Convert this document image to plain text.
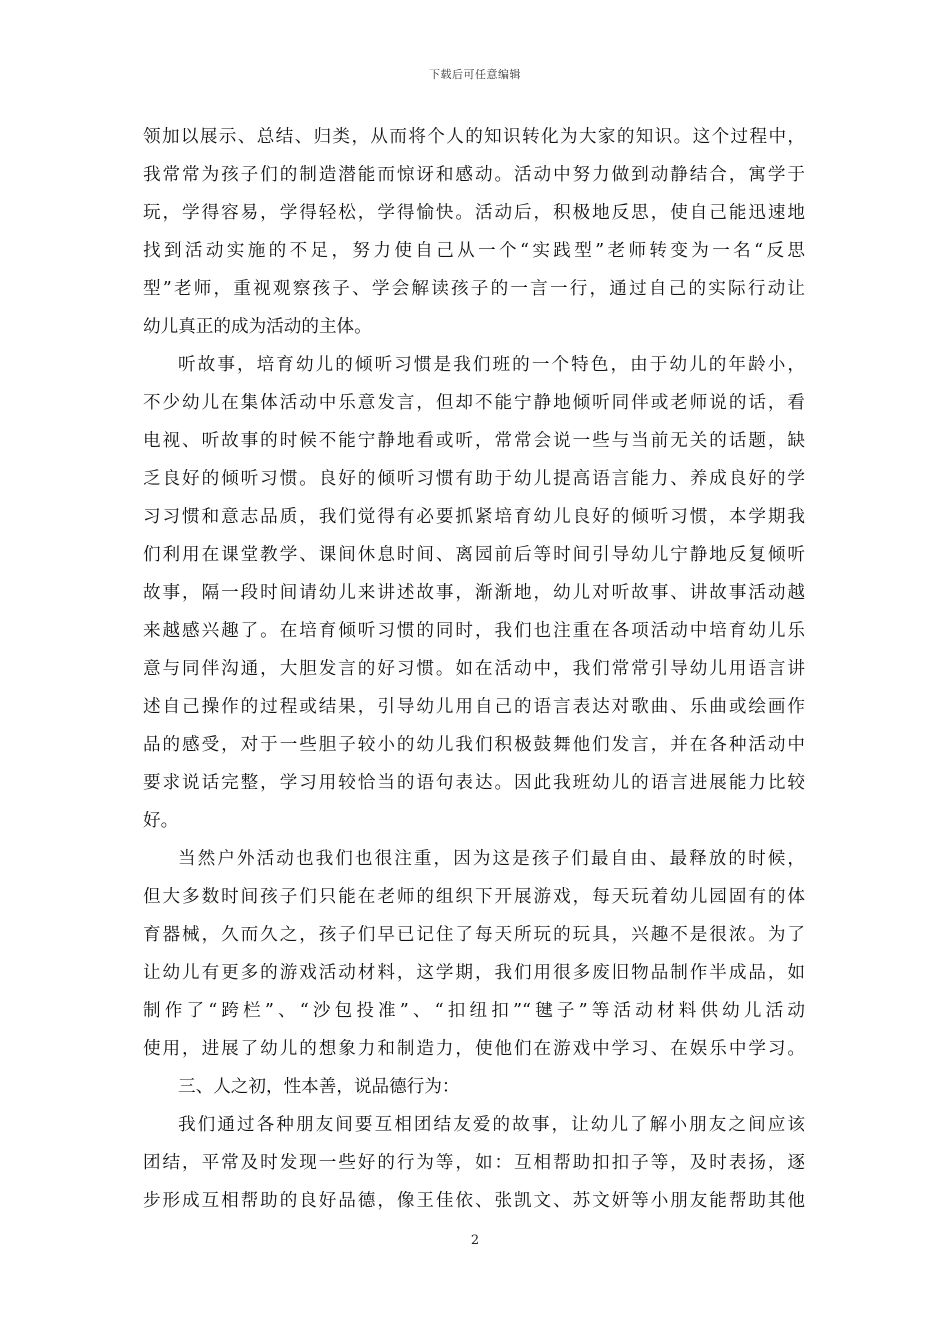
下载后可任意编辑
领加以展示、总结、归类，从而将个人的知识转化为大家的知识。这个过程中，
我常常为孩子们的制造潜能而惊讶和感动。活动中努力做到动静结合，寓学于
玩，学得容易，学得轻松，学得愉快。活动后，积极地反思，使自己能迅速地
找到活动实施的不足，努力使自己从一个“实践型”老师转变为一名“反思
型”老师，重视观察孩子、学会解读孩子的一言一行，通过自己的实际行动让
幼儿真正的成为活动的主体。
听故事，培育幼儿的倾听习惯是我们班的一个特色，由于幼儿的年龄小，
不少幼儿在集体活动中乐意发言，但却不能宁静地倾听同伴或老师说的话，看
电视、听故事的时候不能宁静地看或听，常常会说一些与当前无关的话题，缺
乏良好的倾听习惯。良好的倾听习惯有助于幼儿提高语言能力、养成良好的学
习习惯和意志品质，我们觉得有必要抓紧培育幼儿良好的倾听习惯，本学期我
们利用在课堂教学、课间休息时间、离园前后等时间引导幼儿宁静地反复倾听
故事，隔一段时间请幼儿来讲述故事，渐渐地，幼儿对听故事、讲故事活动越
来越感兴趣了。在培育倾听习惯的同时，我们也注重在各项活动中培育幼儿乐
意与同伴沟通，大胆发言的好习惯。如在活动中，我们常常引导幼儿用语言讲
述自己操作的过程或结果，引导幼儿用自己的语言表达对歌曲、乐曲或绘画作
品的感受，对于一些胆子较小的幼儿我们积极鼓舞他们发言，并在各种活动中
要求说话完整，学习用较恰当的语句表达。因此我班幼儿的语言进展能力比较
好。
当然户外活动也我们也很注重，因为这是孩子们最自由、最释放的时候，
但大多数时间孩子们只能在老师的组织下开展游戏，每天玩着幼儿园固有的体
育器械，久而久之，孩子们早已记住了每天所玩的玩具，兴趣不是很浓。为了
让幼儿有更多的游戏活动材料，这学期，我们用很多废旧物品制作半成品，如
制作了“跨栏”、“沙包投准”、“扣纽扣”“毽子”等活动材料供幼儿活动
使用，进展了幼儿的想象力和制造力，使他们在游戏中学习、在娱乐中学习。
三、人之初，性本善，说品德行为：
我们通过各种朋友间要互相团结友爱的故事，让幼儿了解小朋友之间应该
团结，平常及时发现一些好的行为等，如：互相帮助扣扣子等，及时表扬，逐
步形成互相帮助的良好品德，像王佳依、张凯文、苏文妍等小朋友能帮助其他
2
